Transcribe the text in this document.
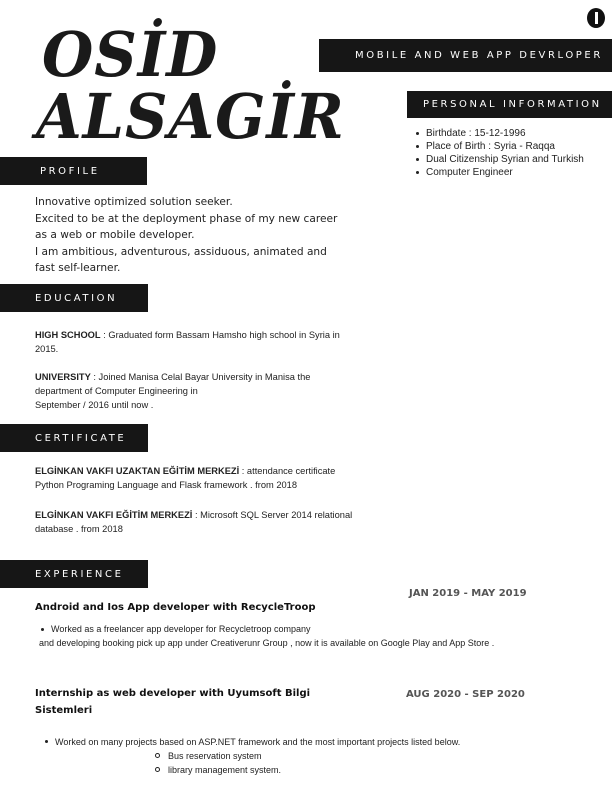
OSİD
ALSAGİR
MOBILE AND WEB APP DEVRLOPER
PERSONAL INFORMATION
Birthdate : 15-12-1996
Place of Birth : Syria - Raqqa
Dual Citizenship Syrian and Turkish
Computer Engineer
PROFILE
Innovative optimized solution seeker.
Excited to be at the deployment phase of my new career
as a web or mobile developer.
I am ambitious, adventurous, assiduous, animated and
fast self-learner.
EDUCATION
HIGH SCHOOL : Graduated form Bassam Hamsho high school in Syria in
2015.
UNIVERSITY : Joined Manisa Celal Bayar University in Manisa the
department of Computer Engineering in
September / 2016 until now .
CERTIFICATE
ELGİNKAN VAKFI UZAKTAN EĞİTİM MERKEZİ : attendance certificate
Python Programing Language and Flask framework . from 2018
ELGİNKAN VAKFI EĞİTİM MERKEZİ : Microsoft SQL Server 2014 relational
database . from 2018
EXPERIENCE
JAN 2019 - MAY 2019
Android and Ios App developer with RecycleTroop
Worked as a freelancer app developer for Recycletroop company
and developing booking pick up app under Creativerunr Group , now it is available on Google Play and App Store .
AUG 2020 - SEP 2020
Internship as web developer with Uyumsoft Bilgi
Sistemleri
Worked on many projects based on ASP.NET framework and the most important projects listed below.
Bus reservation system
library management system.
